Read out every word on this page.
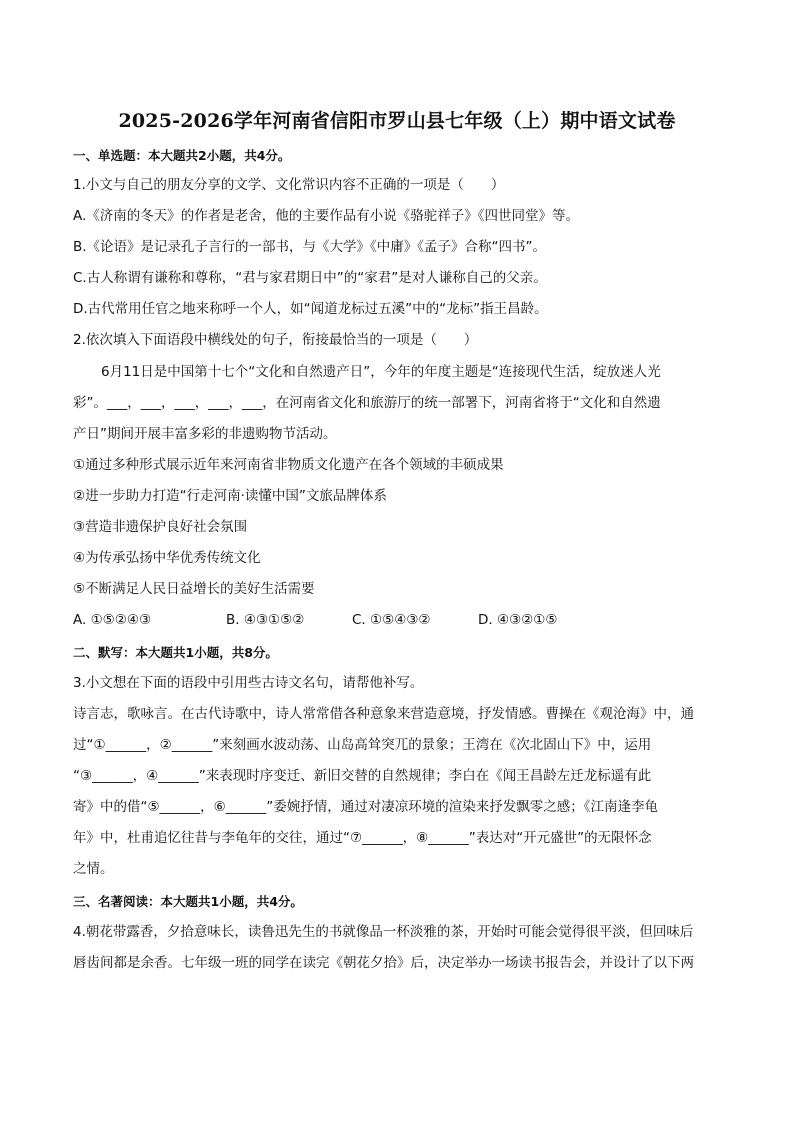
2025-2026学年河南省信阳市罗山县七年级（上）期中语文试卷
一、单选题：本大题共2小题，共4分。
1.小文与自己的朋友分享的文学、文化常识内容不正确的一项是（　　）
A.《济南的冬天》的作者是老舍，他的主要作品有小说《骆驼祥子》《四世同堂》等。
B.《论语》是记录孔子言行的一部书，与《大学》《中庸》《孟子》合称“四书”。
C.古人称谓有谦称和尊称，“君与家君期日中”的“家君”是对人谦称自己的父亲。
D.古代常用任官之地来称呼一个人，如“闻道龙标过五溪”中的“龙标”指王昌龄。
2.依次填入下面语段中横线处的句子，衔接最恰当的一项是（　　）
6月11日是中国第十七个“文化和自然遗产日”，今年的年度主题是“连接现代生活，绽放迷人光
彩”。___，___，___，___，___，在河南省文化和旅游厅的统一部署下，河南省将于“文化和自然遗
产日”期间开展丰富多彩的非遗购物节活动。
①通过多种形式展示近年来河南省非物质文化遗产在各个领域的丰硕成果
②进一步助力打造“行走河南·读懂中国”文旅品牌体系
③营造非遗保护良好社会氛围
④为传承弘扬中华优秀传统文化
⑤不断满足人民日益增长的美好生活需要
A. ①⑤②④③	B. ④③①⑤②	C. ①⑤④③②	D. ④③②①⑤
二、默写：本大题共1小题，共8分。
3.小文想在下面的语段中引用些古诗文名句，请帮他补写。
诗言志，歌咏言。在古代诗歌中，诗人常常借各种意象来营造意境，抒发情感。曹操在《观沧海》中，通
过“①______，②______”来刻画水波动荡、山岛高耸突兀的景象；王湾在《次北固山下》中，运用
“③______，④______”来表现时序变迁、新旧交替的自然规律；李白在《闻王昌龄左迁龙标遥有此
寄》中的借“⑤______，⑥______”委婉抒情，通过对凄凉环境的渲染来抒发飘零之感；《江南逢李龟
年》中，杜甫追忆往昔与李龟年的交往，通过“⑦______，⑧______”表达对“开元盛世”的无限怀念
之情。
三、名著阅读：本大题共1小题，共4分。
4.朝花带露香，夕拾意味长，读鲁迅先生的书就像品一杯淡雅的茶，开始时可能会觉得很平淡，但回味后
唇齿间都是余香。七年级一班的同学在读完《朝花夕拾》后，决定举办一场读书报告会，并设计了以下两
